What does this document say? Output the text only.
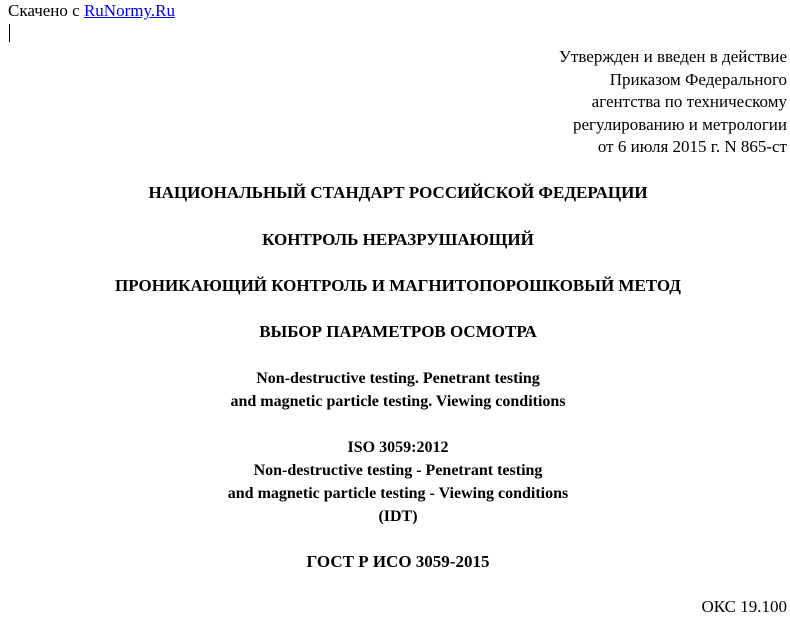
Скачено с RuNormy.Ru
Утвержден и введен в действие
Приказом Федерального
агентства по техническому
регулированию и метрологии
от 6 июля 2015 г. N 865-ст
НАЦИОНАЛЬНЫЙ СТАНДАРТ РОССИЙСКОЙ ФЕДЕРАЦИИ
КОНТРОЛЬ НЕРАЗРУШАЮЩИЙ
ПРОНИКАЮЩИЙ КОНТРОЛЬ И МАГНИТОПОРОШКОВЫЙ МЕТОД
ВЫБОР ПАРАМЕТРОВ ОСМОТРА
Non-destructive testing. Penetrant testing
and magnetic particle testing. Viewing conditions
ISO 3059:2012
Non-destructive testing - Penetrant testing
and magnetic particle testing - Viewing conditions
(IDT)
ГОСТ Р ИСО 3059-2015
ОКС 19.100
